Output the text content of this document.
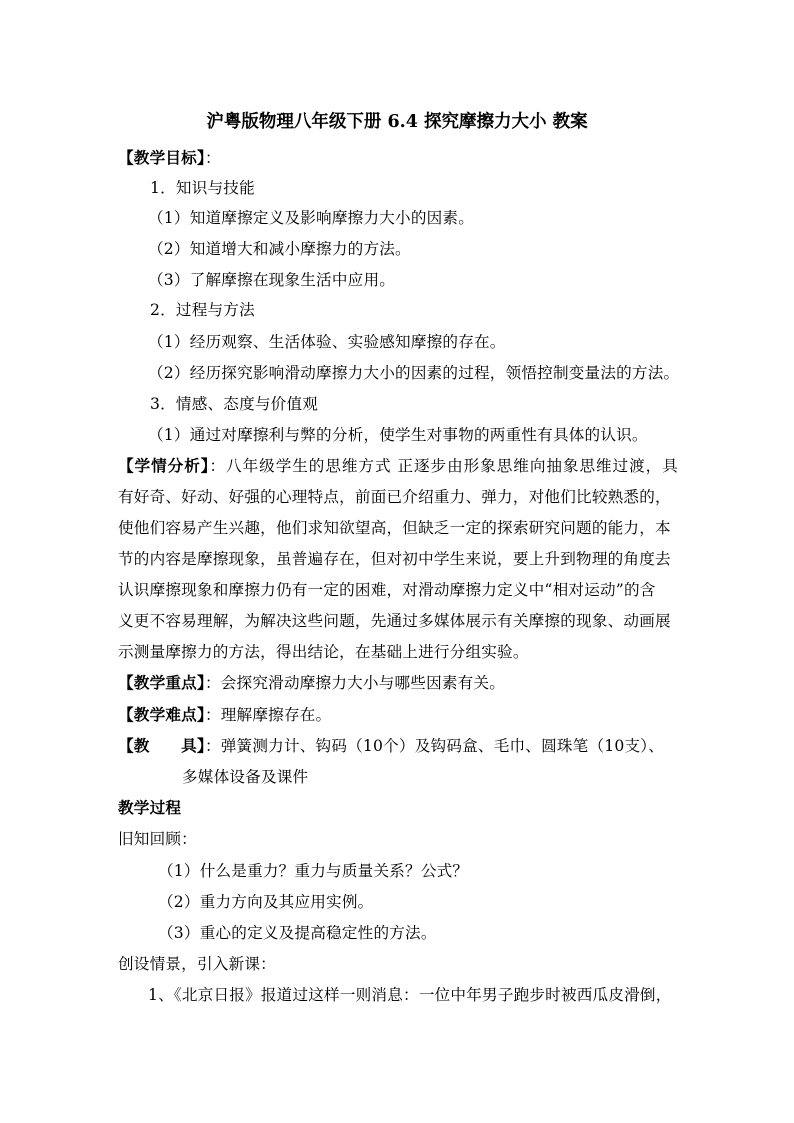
沪粤版物理八年级下册 6.4 探究摩擦力大小 教案
【教学目标】：
1．知识与技能
（1）知道摩擦定义及影响摩擦力大小的因素。
（2）知道增大和减小摩擦力的方法。
（3）了解摩擦在现象生活中应用。
2．过程与方法
（1）经历观察、生活体验、实验感知摩擦的存在。
（2）经历探究影响滑动摩擦力大小的因素的过程，领悟控制变量法的方法。
3．情感、态度与价值观
（1）通过对摩擦利与弊的分析，使学生对事物的两重性有具体的认识。
【学情分析】：八年级学生的思维方式 正逐步由形象思维向抽象思维过渡，具
有好奇、好动、好强的心理特点，前面已介绍重力、弹力，对他们比较熟悉的，
使他们容易产生兴趣，他们求知欲望高，但缺乏一定的探索研究问题的能力，本
节的内容是摩擦现象，虽普遍存在，但对初中学生来说，要上升到物理的角度去
认识摩擦现象和摩擦力仍有一定的困难，对滑动摩擦力定义中“相对运动”的含
义更不容易理解，为解决这些问题，先通过多媒体展示有关摩擦的现象、动画展
示测量摩擦力的方法，得出结论，在基础上进行分组实验。
【教学重点】：会探究滑动摩擦力大小与哪些因素有关。
【教学难点】：理解摩擦存在。
【教　　具】：弹簧测力计、钩码（10个）及钩码盒、毛巾、圆珠笔（10支）、
多媒体设备及课件
教学过程
旧知回顾：
（1）什么是重力？重力与质量关系？公式？
（2）重力方向及其应用实例。
（3）重心的定义及提高稳定性的方法。
创设情景，引入新课：
1、《北京日报》报道过这样一则消息：一位中年男子跑步时被西瓜皮滑倒，
